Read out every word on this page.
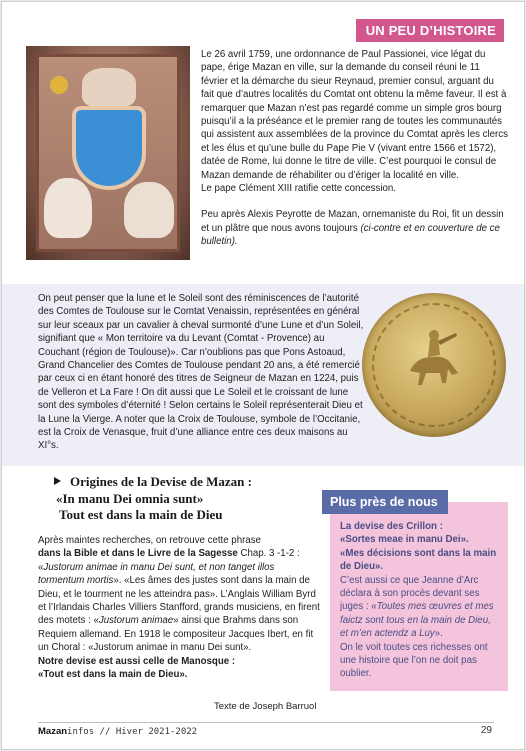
UN PEU D’HISTOIRE

Le 26 avril 1759, une ordonnance de Paul Passionei, vice légat du pape, érige Mazan en ville, sur la demande du conseil réuni le 11 février et la démarche du sieur Reynaud, premier consul, arguant du fait que d’autres localités du Comtat ont obtenu la même faveur. Il est à remarquer que Mazan n’est pas regardé comme un simple gros bourg puisqu’il a la préséance et le premier rang de toutes les communautés qui assistent aux assemblées de la province du Comtat après les clercs et les élus et qu’une bulle du Pape Pie V (vivant entre 1566 et 1572), datée de Rome, lui donne le titre de ville. C’est pourquoi le consul de Mazan demande de réhabiliter ou d’ériger la localité en ville.
Le pape Clément XIII ratifie cette concession.

Peu après Alexis Peyrotte de Mazan, ornemaniste du Roi, fit un dessin et un plâtre que nous avons toujours (ci-contre et en couverture de ce bulletin).

On peut penser que la lune et le Soleil sont des réminiscences de l’autorité des Comtes de Toulouse sur le Comtat Venaissin, représentées en général sur leur sceaux par un cavalier à cheval surmonté d’une Lune et d’un Soleil, signifiant que « Mon territoire va du Levant (Comtat - Provence) au Couchant (région de Toulouse)». Car n’oublions pas que Pons Astoaud, Grand Chancelier des Comtes de Toulouse pendant 20 ans, a été remercié par ceux ci en étant honoré des titres de Seigneur de Mazan en 1224, puis de Velleron et La Fare ! On dit aussi que Le Soleil et le croissant de lune sont des symboles d’éternité ! Selon certains le Soleil représenterait Dieu et la Lune la Vierge. A noter que la Croix de Toulouse, symbole de l’Occitanie, est la Croix de Venasque, fruit d’une alliance entre ces deux maisons au XI°s.
Origines de la Devise de Mazan :
«In manu Dei omnia sunt»
Tout est dans la main de Dieu
Après maintes recherches, on retrouve cette phrase
dans la Bible et dans le Livre de la Sagesse Chap. 3 -1-2 : «Justorum animae in manu Dei sunt, et non tanget illos tormentum mortis». «Les âmes des justes sont dans la main de Dieu, et le tourment ne les atteindra pas». L’Anglais William Byrd et l’Irlandais Charles Villiers Stanfford, grands musiciens, en firent des motets : «Justorum animae» ainsi que Brahms dans son Requiem allemand. En 1918 le compositeur Jacques Ibert, en fit un Choral : «Justorum animae in manu Dei sunt».
Notre devise est aussi celle de Manosque :
«Tout est dans la main de Dieu».
Texte de Joseph Barruol
Plus près de nous

La devise des Crillon :

«Sortes meae in manu Dei».

«Mes décisions sont dans la main de Dieu».

C’est aussi ce que Jeanne d’Arc déclara à son procès devant ses juges : «Toutes mes œuvres et mes faictz sont tous en la main de Dieu, et m’en actendz a Luy».

On le voit toutes ces richesses ont une histoire que l’on ne doit pas oublier.

Mazaninfos // Hiver 2021-2022	29
